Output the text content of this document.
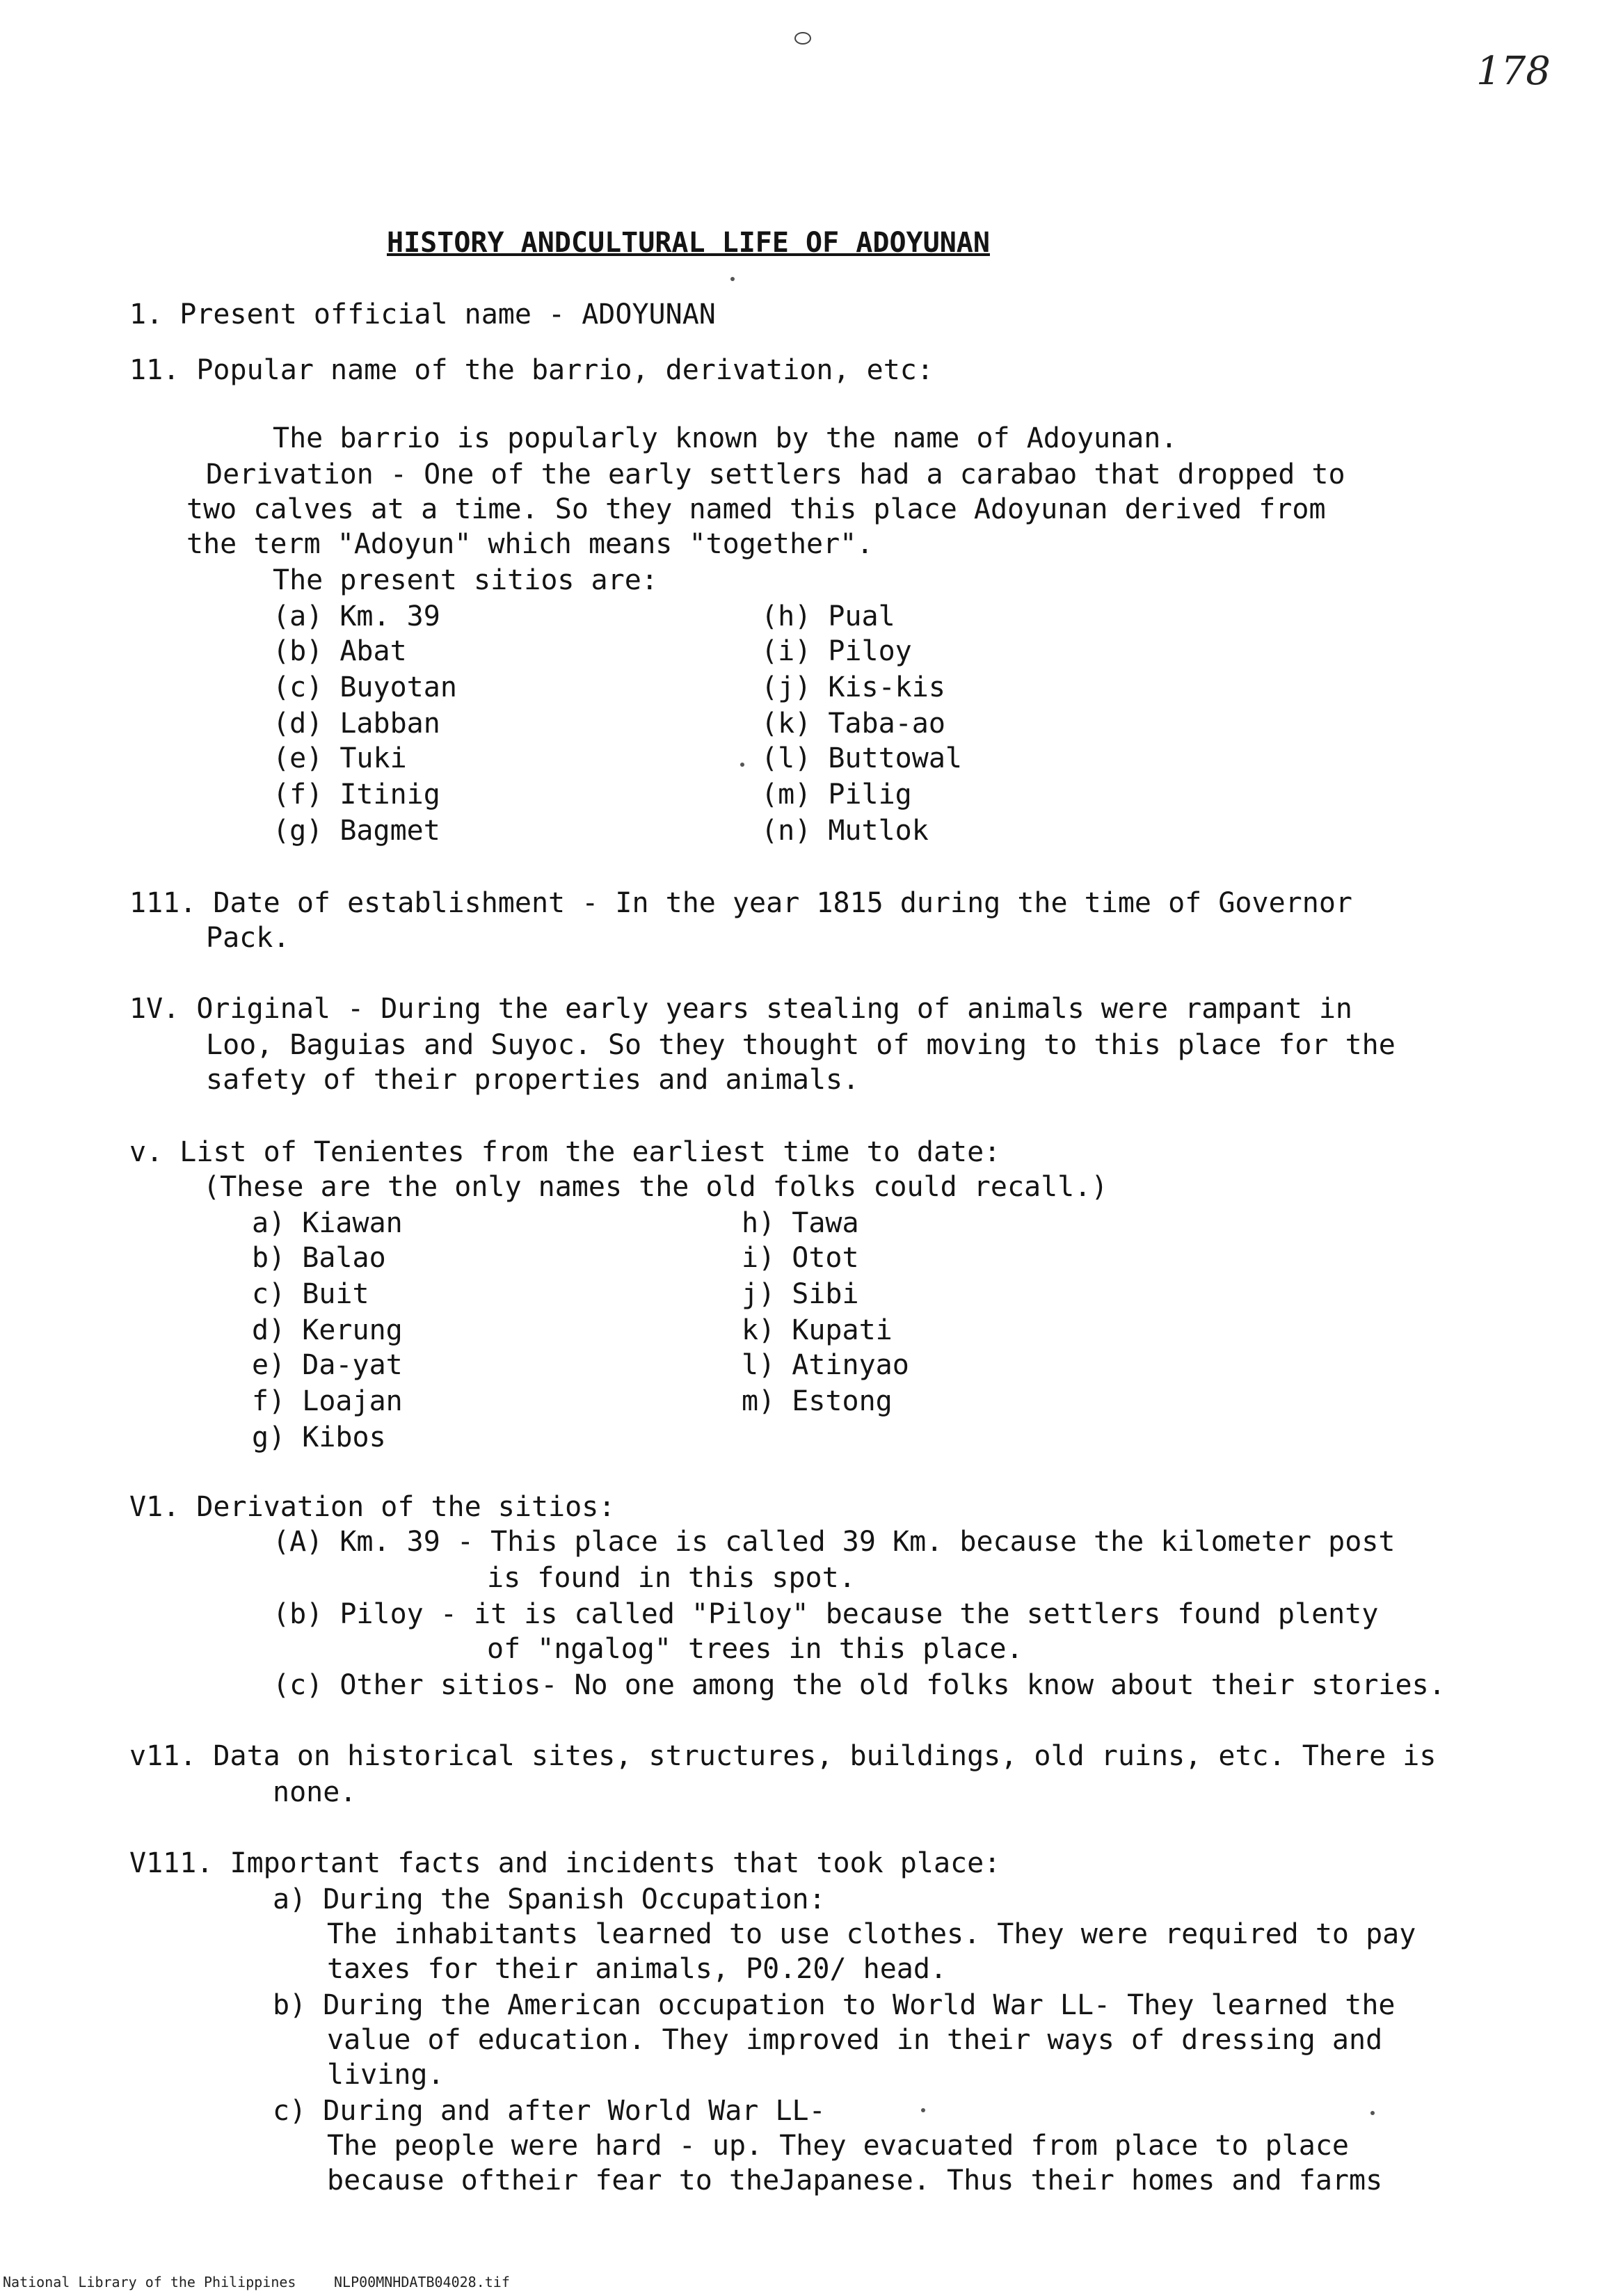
178
HISTORY ANDCULTURAL LIFE OF ADOYUNAN
1. Present official name - ADOYUNAN
11. Popular name of the barrio, derivation, etc:
The barrio is popularly known by the name of Adoyunan.
Derivation - One of the early settlers had a carabao that dropped to
two calves at a time. So they named this place Adoyunan derived from
the term "Adoyun" which means "together".
The present sitios are:
(a) Km. 39
(b) Abat
(c) Buyotan
(d) Labban
(e) Tuki
(f) Itinig
(g) Bagmet
(h) Pual
(i) Piloy
(j) Kis-kis
(k) Taba-ao
(l) Buttowal
(m) Pilig
(n) Mutlok
111. Date of establishment - In the year 1815 during the time of Governor
Pack.
1V. Original - During the early years stealing of animals were rampant in
Loo, Baguias and Suyoc. So they thought of moving to this place for the
safety of their properties and animals.
v. List of Tenientes from the earliest time to date:
(These are the only names the old folks could recall.)
a) Kiawan
b) Balao
c) Buit
d) Kerung
e) Da-yat
f) Loajan
g) Kibos
h) Tawa
i) Otot
j) Sibi
k) Kupati
l) Atinyao
m) Estong
V1. Derivation of the sitios:
(A) Km. 39 - This place is called 39 Km. because the kilometer post
is found in this spot.
(b) Piloy - it is called "Piloy" because the settlers found plenty
of "ngalog" trees in this place.
(c) Other sitios- No one among the old folks know about their stories.
v11. Data on historical sites, structures, buildings, old ruins, etc. There is
none.
V111. Important facts and incidents that took place:
a) During the Spanish Occupation:
The inhabitants learned to use clothes. They were required to pay
taxes for their animals, P0.20/ head.
b) During the American occupation to World War LL- They learned the
value of education. They improved in their ways of dressing and
living.
c) During and after World War LL-
The people were hard - up. They evacuated from place to place
because oftheir fear to theJapanese. Thus their homes and farms
National Library of the Philippines	NLP00MNHDATB04028.tif
